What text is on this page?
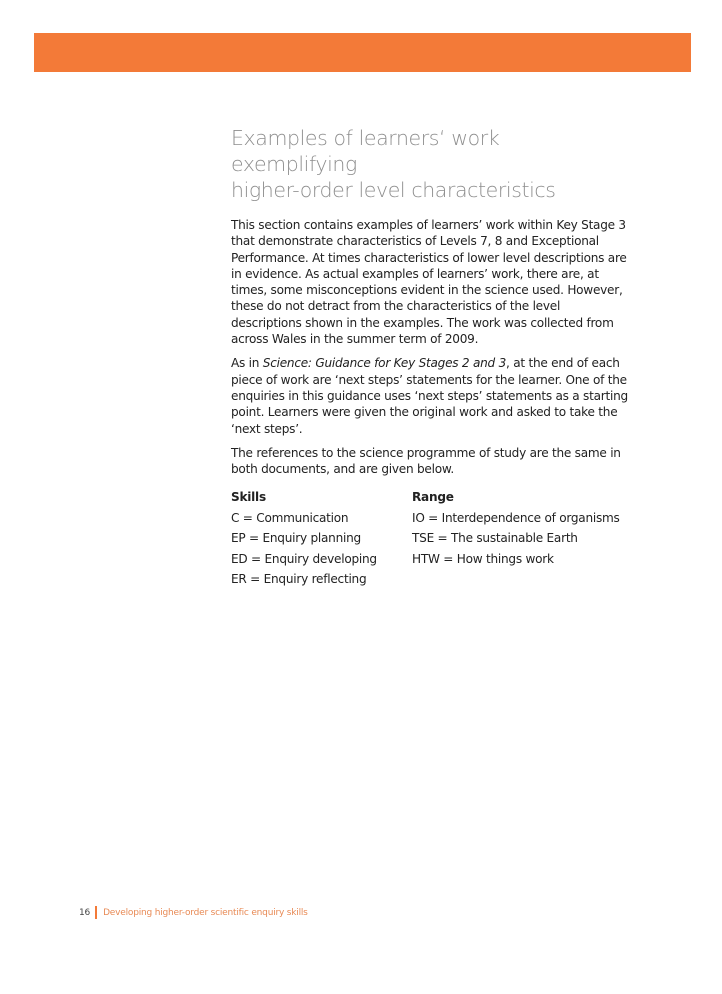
Examples of learners‘ work exemplifying
higher-order level characteristics

This section contains examples of learners’ work within Key Stage 3 that demonstrate characteristics of Levels 7, 8 and Exceptional Performance. At times characteristics of lower level descriptions are in evidence. As actual examples of learners’ work, there are, at times, some misconceptions evident in the science used. However, these do not detract from the characteristics of the level descriptions shown in the examples. The work was collected from across Wales in the summer term of 2009.

As in Science: Guidance for Key Stages 2 and 3, at the end of each piece of work are ‘next steps’ statements for the learner. One of the enquiries in this guidance uses ‘next steps’ statements as a starting point. Learners were given the original work and asked to take the ‘next steps’.

The references to the science programme of study are the same in both documents, and are given below.

Skills
C = Communication
EP = Enquiry planning
ED = Enquiry developing
ER = Enquiry reflecting
Range
IO = Interdependence of organisms
TSE = The sustainable Earth
HTW = How things work
16 Developing higher-order scientific enquiry skills
